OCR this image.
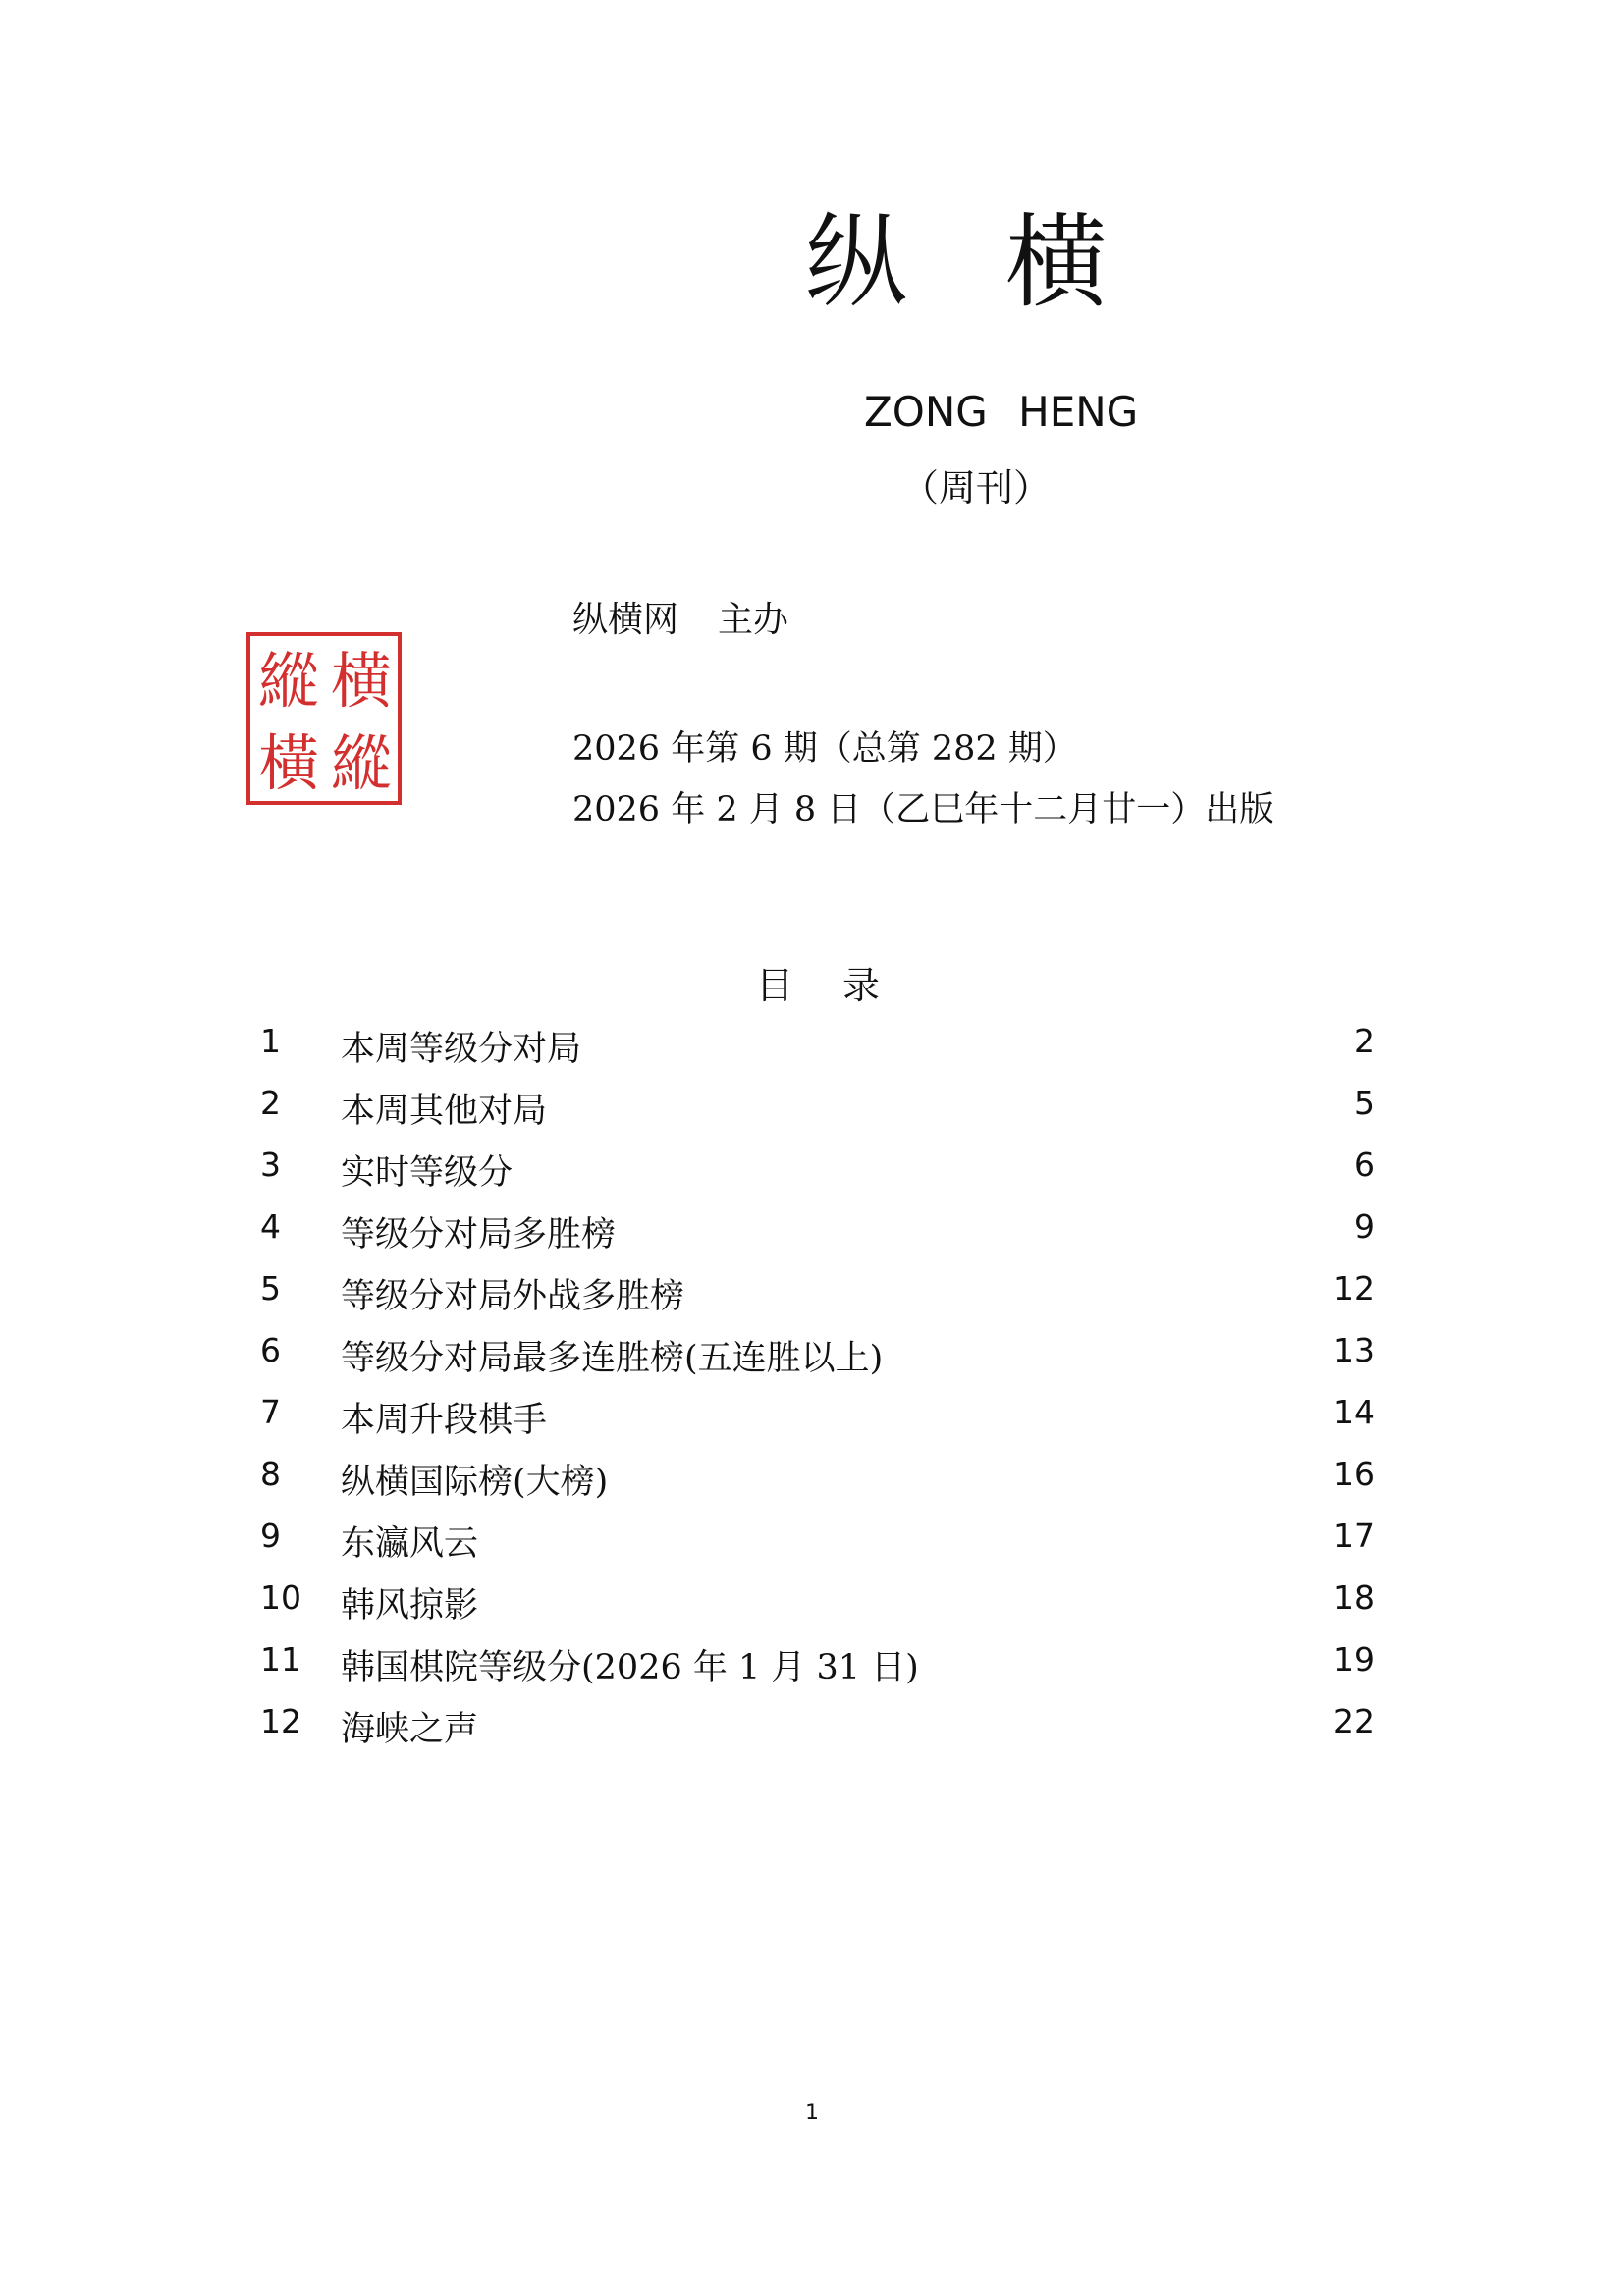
纵横
ZONG HENG
（周刊）
横
縱
縱
橫
纵横网 主办
2026 年第 6 期（总第 282 期）
2026 年 2 月 8 日（乙巳年十二月廿一）出版
目录
1	本周等级分对局	2
2	本周其他对局	5
3	实时等级分	6
4	等级分对局多胜榜	9
5	等级分对局外战多胜榜	12
6	等级分对局最多连胜榜(五连胜以上)	13
7	本周升段棋手	14
8	纵横国际榜(大榜)	16
9	东瀛风云	17
10	韩风掠影	18
11	韩国棋院等级分(2026 年 1 月 31 日)	19
12	海峡之声	22
1
